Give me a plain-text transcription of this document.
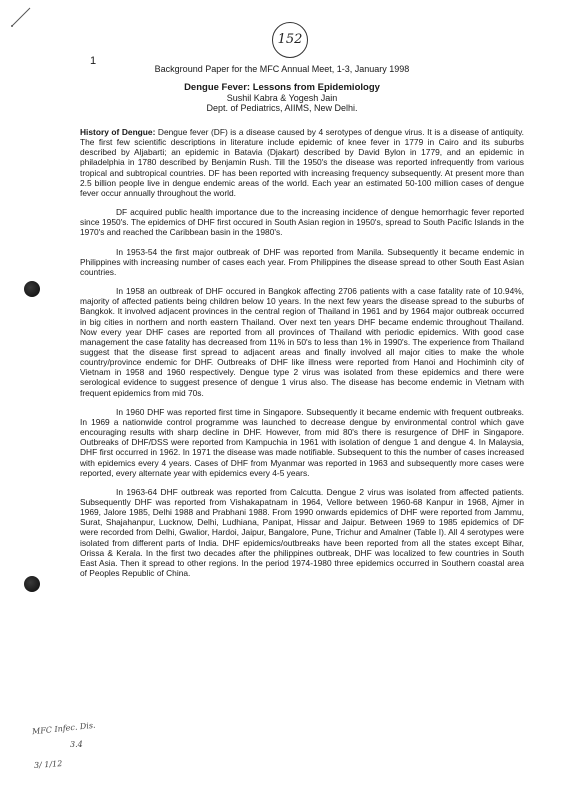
152
1
Background Paper for the MFC Annual Meet, 1-3, January 1998
Dengue Fever: Lessons from Epidemiology
Sushil Kabra & Yogesh Jain
Dept. of Pediatrics, AIIMS, New Delhi.

History of Dengue: Dengue fever (DF) is a disease caused by 4 serotypes of dengue virus. It is a disease of antiquity. The first few scientific descriptions in literature include epidemic of knee fever in 1779 in Cairo and its suburbs described by Aljabarti; an epidemic in Batavia (Djakart) described by David Bylon in 1779, and an epidemic in philadelphia in 1780 described by Benjamin Rush. Till the 1950's the disease was reported infrequently from various tropical and subtropical countries. DF has been reported with increasing frequency subsequently. At present more than 2.5 billion people live in dengue endemic areas of the world. Each year an estimated 50-100 million cases of dengue fever occur annually throughout the world.

DF acquired public health importance due to the increasing incidence of dengue hemorrhagic fever reported since 1950's. The epidemics of DHF first occured in South Asian region in 1950's, spread to South Pacific Islands in the 1970's and reached the Caribbean basin in the 1980's.

In 1953-54 the first major outbreak of DHF was reported from Manila. Subsequently it became endemic in Philippines with increasing number of cases each year. From Philippines the disease spread to other South East Asian countries.

In 1958 an outbreak of DHF occured in Bangkok affecting 2706 patients with a case fatality rate of 10.94%, majority of affected patients being children below 10 years. In the next few years the disease spread to the suburbs of Bangkok. It involved adjacent provinces in the central region of Thailand in 1961 and by 1964 major outbreak occurred in big cities in northern and north eastern Thailand. Over next ten years DHF became endemic throughout Thailand. Now every year DHF cases are reported from all provinces of Thailand with periodic epidemics. With good case management the case fatality has decreased from 11% in 50's to less than 1% in 1990's. The experience from Thailand suggest that the disease first spread to adjacent areas and finally involved all major cities to make the whole country/province endemic for DHF. Outbreaks of DHF like illness were reported from Hanoi and Hochiminh city of Vietnam in 1958 and 1960 respectively. Dengue type 2 virus was isolated from these epidemics and there were serological evidence to suggest presence of dengue 1 virus also. The disease has become endemic in Vietnam with frequent epidemics from mid 70s.

In 1960 DHF was reported first time in Singapore. Subsequently it became endemic with frequent outbreaks. In 1969 a nationwide control programme was launched to decrease dengue by environmental control which gave encouraging results with sharp decline in DHF. However, from mid 80's there is resurgence of DHF in Singapore. Outbreaks of DHF/DSS were reported from Kampuchia in 1961 with isolation of dengue 1 and dengue 4. In Malaysia, DHF first occurred in 1962. In 1971 the disease was made notifiable. Subsequent to this the number of cases increased with epidemics every 4 years. Cases of DHF from Myanmar was reported in 1963 and subsequently more cases were reported, every alternate year with epidemics every 4-5 years.

In 1963-64 DHF outbreak was reported from Calcutta. Dengue 2 virus was isolated from affected patients. Subsequently DHF was reported from Vishakapatnam in 1964, Vellore between 1960-68 Kanpur in 1968, Ajmer in 1969, Jalore 1985, Delhi 1988 and Prabhani 1988. From 1990 onwards epidemics of DHF were reported from Jammu, Surat, Shajahanpur, Lucknow, Delhi, Ludhiana, Panipat, Hissar and Jaipur. Between 1969 to 1985 epidemics of DF were recorded from Delhi, Gwalior, Hardoi, Jaipur, Bangalore, Pune, Trichur and Amalner (Table I). All 4 serotypes were isolated from different parts of India. DHF epidemics/outbreaks have been reported from all the states except Bihar, Orissa & Kerala. In the first two decades after the philippines outbreak, DHF was localized to few countries in South East Asia. Then it spread to other regions. In the period 1974-1980 three epidemics occurred in Southern coastal area of Peoples Republic of China.

MFC Infec. Dis.
3.4
3/ 1/12
